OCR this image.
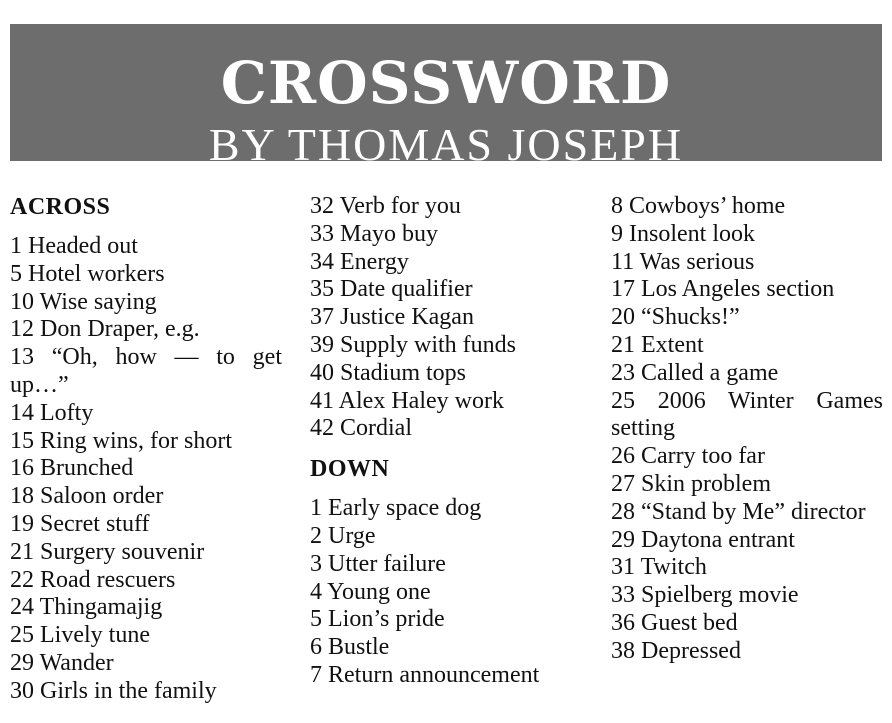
CROSSWORD
BY THOMAS JOSEPH
ACROSS
1 Headed out
5 Hotel workers
10 Wise saying
12 Don Draper, e.g.
13 “Oh, how — to get up…”
14 Lofty
15 Ring wins, for short
16 Brunched
18 Saloon order
19 Secret stuff
21 Surgery souvenir
22 Road rescuers
24 Thingamajig
25 Lively tune
29 Wander
30 Girls in the family
32 Verb for you
33 Mayo buy
34 Energy
35 Date qualifier
37 Justice Kagan
39 Supply with funds
40 Stadium tops
41 Alex Haley work
42 Cordial
DOWN
1 Early space dog
2 Urge
3 Utter failure
4 Young one
5 Lion’s pride
6 Bustle
7 Return announcement
8 Cowboys’ home
9 Insolent look
11 Was serious
17 Los Angeles section
20 “Shucks!”
21 Extent
23 Called a game
25 2006 Winter Games setting
26 Carry too far
27 Skin problem
28 “Stand by Me” director
29 Daytona entrant
31 Twitch
33 Spielberg movie
36 Guest bed
38 Depressed
